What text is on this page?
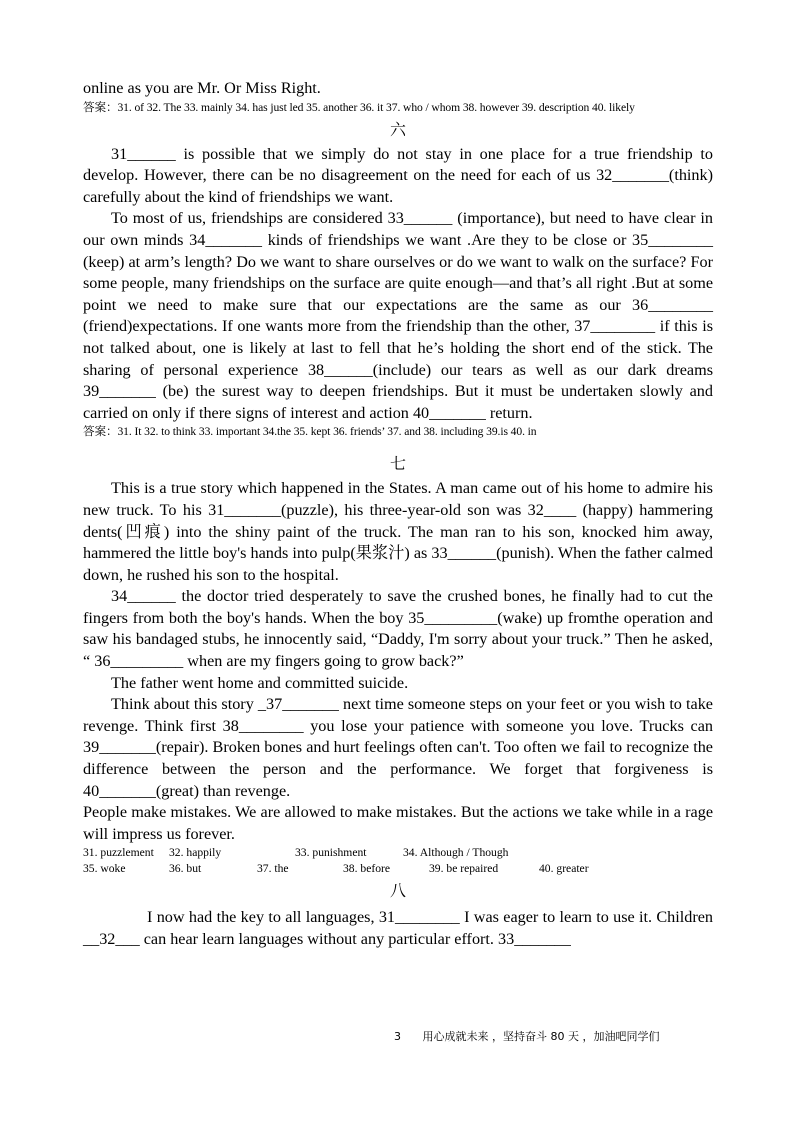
online as you are Mr. Or Miss Right.

答案：31. of 32. The 33. mainly 34. has just led 35. another 36. it 37. who / whom 38. however 39. description 40. likely

六

31______ is possible that we simply do not stay in one place for a true friendship to develop. However, there can be no disagreement on the need for each of us 32_______(think) carefully about the kind of friendships we want.

To most of us, friendships are considered 33______ (importance), but need to have clear in our own minds 34_______ kinds of friendships we want .Are they to be close or 35________ (keep) at arm’s length? Do we want to share ourselves or do we want to walk on the surface? For some people, many friendships on the surface are quite enough—and that’s all right .But at some point we need to make sure that our expectations are the same as our 36________ (friend)expectations. If one wants more from the friendship than the other, 37________ if this is not talked about, one is likely at last to fell that he’s holding the short end of the stick. The sharing of personal experience 38______(include) our tears as well as our dark dreams 39_______ (be) the surest way to deepen friendships. But it must be undertaken slowly and carried on only if there signs of interest and action 40_______ return.

答案：31. It 32. to think 33. important 34.the 35. kept 36. friends’ 37. and 38. including 39.is 40. in

七

This is a true story which happened in the States. A man came out of his home to admire his new truck. To his 31_______(puzzle), his three-year-old son was 32____ (happy) hammering dents(凹痕) into the shiny paint of the truck. The man ran to his son, knocked him away, hammered the little boy's hands into pulp(果浆汁) as 33______(punish). When the father calmed down, he rushed his son to the hospital.

34______ the doctor tried desperately to save the crushed bones, he finally had to cut the fingers from both the boy's hands. When the boy 35_________(wake) up fromthe operation and saw his bandaged stubs, he innocently said, “Daddy, I'm sorry about your truck.” Then he asked, “ 36_________ when are my fingers going to grow back?”

The father went home and committed suicide.

Think about this story _37_______ next time someone steps on your feet or you wish to take revenge. Think first 38________ you lose your patience with someone you love. Trucks can 39_______(repair). Broken bones and hurt feelings often can't. Too often we fail to recognize the difference between the person and the performance. We forget that forgiveness is 40_______(great) than revenge.

People make mistakes. We are allowed to make mistakes. But the actions we take while in a rage will impress us forever.

31. puzzlement	32. happily	33. punishment	34. Although / Though
35. woke	36. but	37. the	38. before	39. be repaired	40. greater
八

I now had the key to all languages, 31________ I was eager to learn to use it. Children __32___ can hear learn languages without any particular effort. 33_______

3 用心成就未来 ，坚持奋斗 80 天 ，加油吧同学们
